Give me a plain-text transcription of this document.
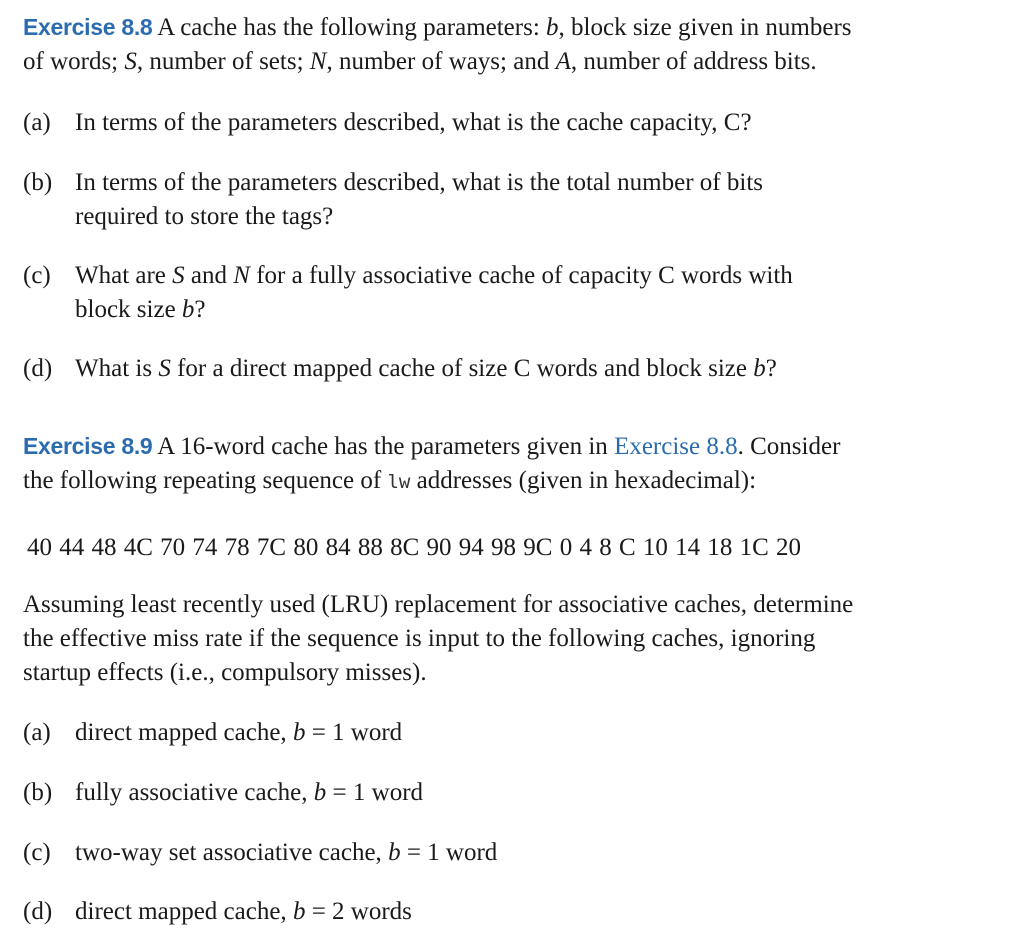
Exercise 8.8 A cache has the following parameters: b, block size given in numbers
of words; S, number of sets; N, number of ways; and A, number of address bits.
(a) In terms of the parameters described, what is the cache capacity, C?
(b) In terms of the parameters described, what is the total number of bits
required to store the tags?
(c) What are S and N for a fully associative cache of capacity C words with
block size b?
(d) What is S for a direct mapped cache of size C words and block size b?
Exercise 8.9 A 16-word cache has the parameters given in Exercise 8.8. Consider
the following repeating sequence of lw addresses (given in hexadecimal):
40 44 48 4C 70 74 78 7C 80 84 88 8C 90 94 98 9C 0 4 8 C 10 14 18 1C 20
Assuming least recently used (LRU) replacement for associative caches, determine
the effective miss rate if the sequence is input to the following caches, ignoring
startup effects (i.e., compulsory misses).
(a) direct mapped cache, b = 1 word
(b) fully associative cache, b = 1 word
(c) two-way set associative cache, b = 1 word
(d) direct mapped cache, b = 2 words
